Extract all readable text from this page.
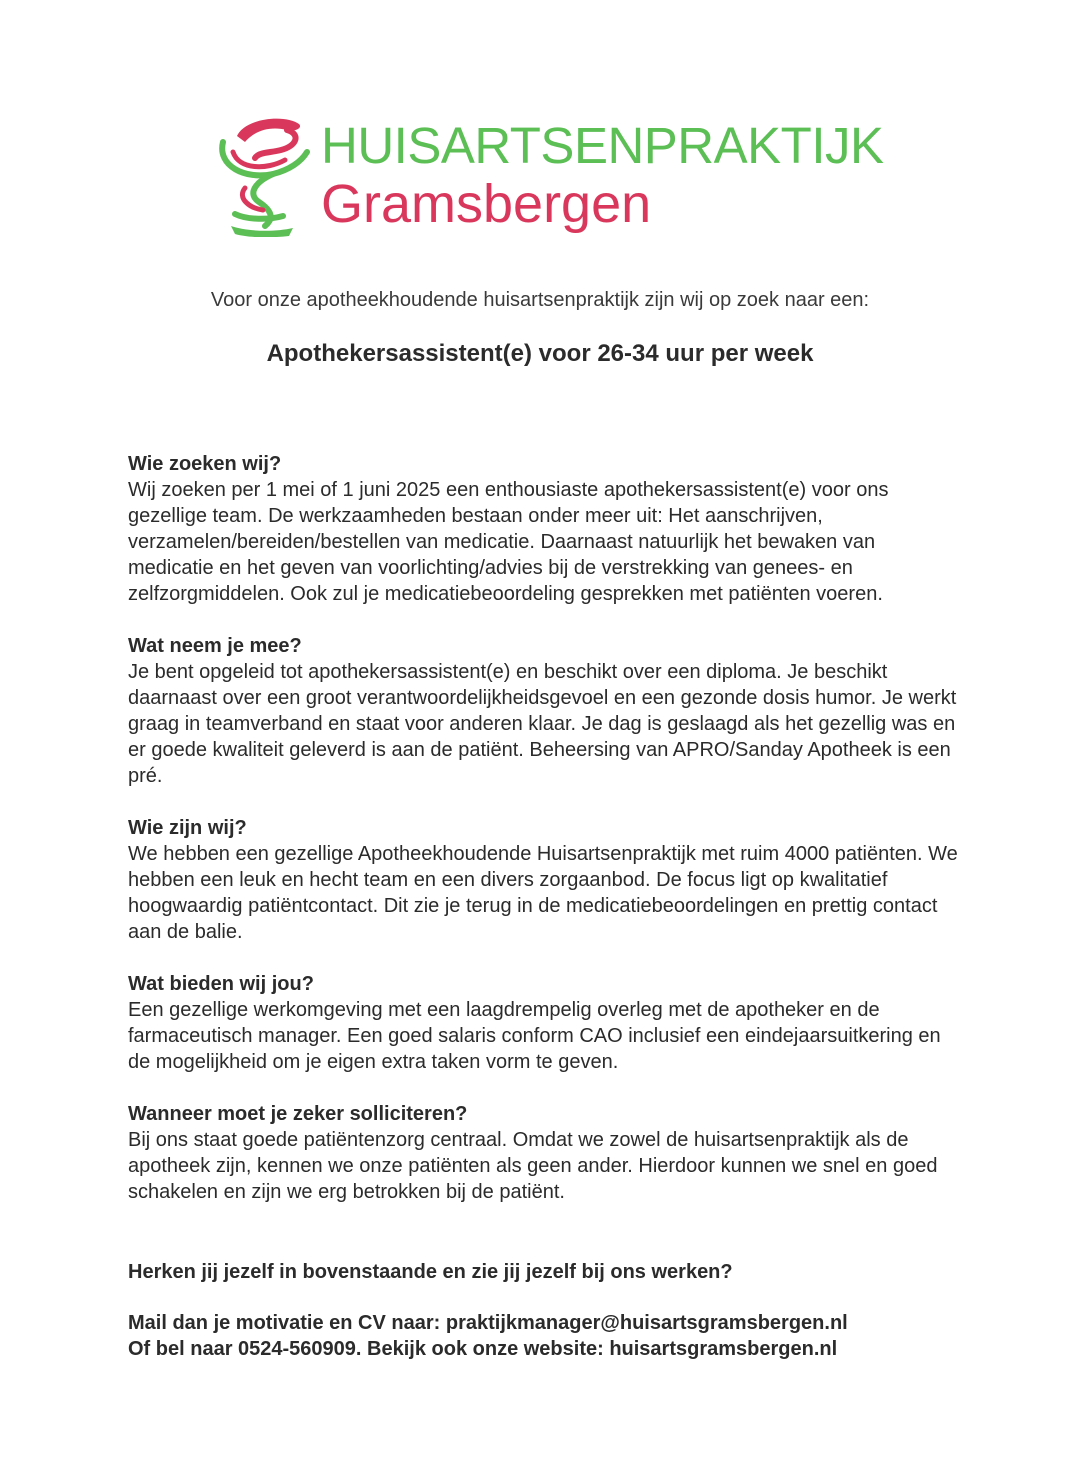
HUISARTSENPRAKTIJK
Gramsbergen
Voor onze apotheekhoudende huisartsenpraktijk zijn wij op zoek naar een:
Apothekersassistent(e) voor 26-34 uur per week
Wie zoeken wij?

Wij zoeken per 1 mei of 1 juni 2025 een enthousiaste apothekersassistent(e) voor ons gezellige team. De werkzaamheden bestaan onder meer uit: Het aanschrijven, verzamelen/bereiden/bestellen van medicatie. Daarnaast natuurlijk het bewaken van medicatie en het geven van voorlichting/advies bij de verstrekking van genees- en zelfzorgmiddelen. Ook zul je medicatiebeoordeling gesprekken met patiënten voeren.

Wat neem je mee?

Je bent opgeleid tot apothekersassistent(e) en beschikt over een diploma. Je beschikt daarnaast over een groot verantwoordelijkheidsgevoel en een gezonde dosis humor. Je werkt graag in teamverband en staat voor anderen klaar. Je dag is geslaagd als het gezellig was en er goede kwaliteit geleverd is aan de patiënt. Beheersing van APRO/Sanday Apotheek is een pré.

Wie zijn wij?

We hebben een gezellige Apotheekhoudende Huisartsenpraktijk met ruim 4000 patiënten. We hebben een leuk en hecht team en een divers zorgaanbod. De focus ligt op kwalitatief hoogwaardig patiëntcontact. Dit zie je terug in de medicatiebeoordelingen en prettig contact aan de balie.

Wat bieden wij jou?

Een gezellige werkomgeving met een laagdrempelig overleg met de apotheker en de farmaceutisch manager. Een goed salaris conform CAO inclusief een eindejaarsuitkering en de mogelijkheid om je eigen extra taken vorm te geven.

Wanneer moet je zeker solliciteren?

Bij ons staat goede patiëntenzorg centraal. Omdat we zowel de huisartsenpraktijk als de apotheek zijn, kennen we onze patiënten als geen ander. Hierdoor kunnen we snel en goed schakelen en zijn we erg betrokken bij de patiënt.

Herken jij jezelf in bovenstaande en zie jij jezelf bij ons werken?
Mail dan je motivatie en CV naar: praktijkmanager@huisartsgramsbergen.nl
Of bel naar 0524-560909. Bekijk ook onze website: huisartsgramsbergen.nl
